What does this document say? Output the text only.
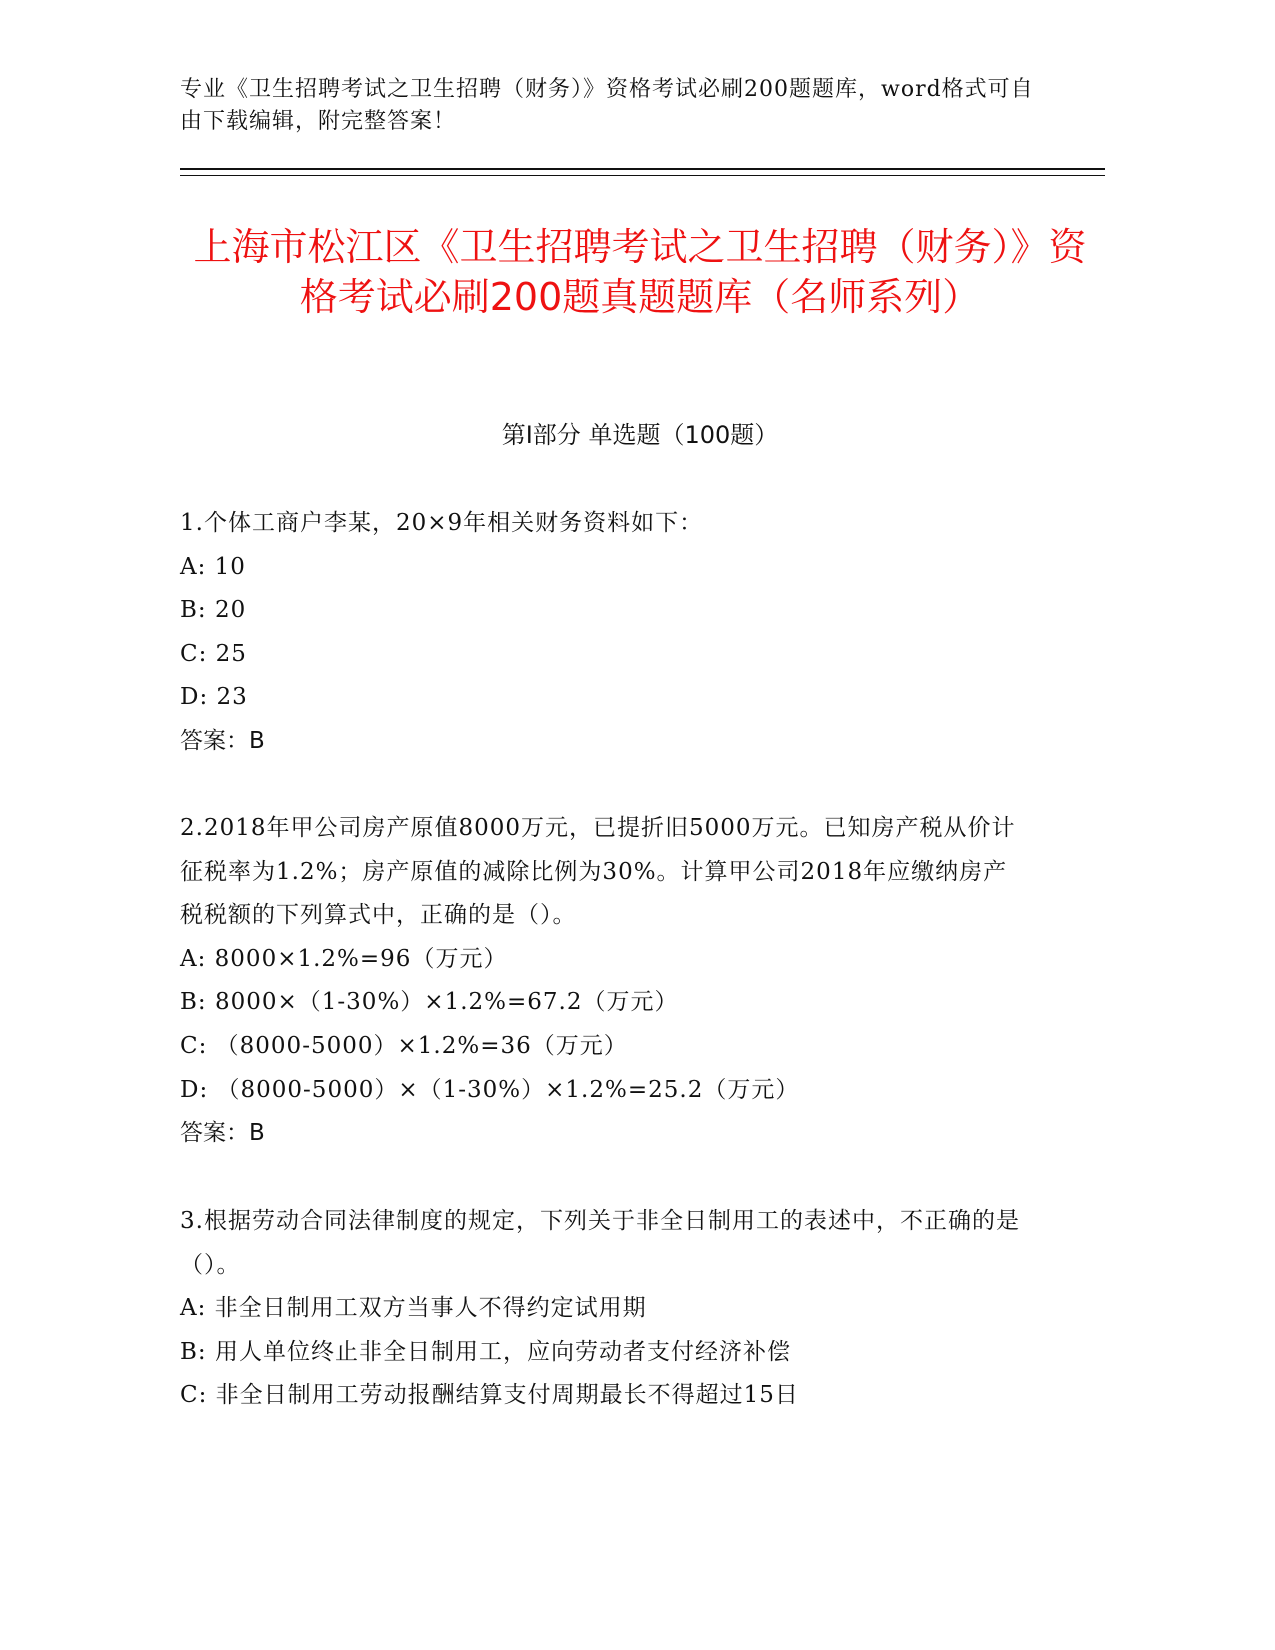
专业《卫生招聘考试之卫生招聘（财务）》资格考试必刷200题题库，word格式可自由下载编辑，附完整答案！
上海市松江区《卫生招聘考试之卫生招聘（财务）》资格考试必刷200题真题题库（名师系列）
第Ⅰ部分 单选题（100题）
1.个体工商户李某，20×9年相关财务资料如下：
A: 10
B: 20
C: 25
D: 23
答案：B
2.2018年甲公司房产原值8000万元，已提折旧5000万元。已知房产税从价计征税率为1.2%；房产原值的减除比例为30%。计算甲公司2018年应缴纳房产税税额的下列算式中，正确的是（）。
A: 8000×1.2%=96（万元）
B: 8000×（1-30%）×1.2%=67.2（万元）
C: （8000-5000）×1.2%=36（万元）
D: （8000-5000）×（1-30%）×1.2%=25.2（万元）
答案：B
3.根据劳动合同法律制度的规定，下列关于非全日制用工的表述中，不正确的是（）。
A: 非全日制用工双方当事人不得约定试用期
B: 用人单位终止非全日制用工，应向劳动者支付经济补偿
C: 非全日制用工劳动报酬结算支付周期最长不得超过15日
